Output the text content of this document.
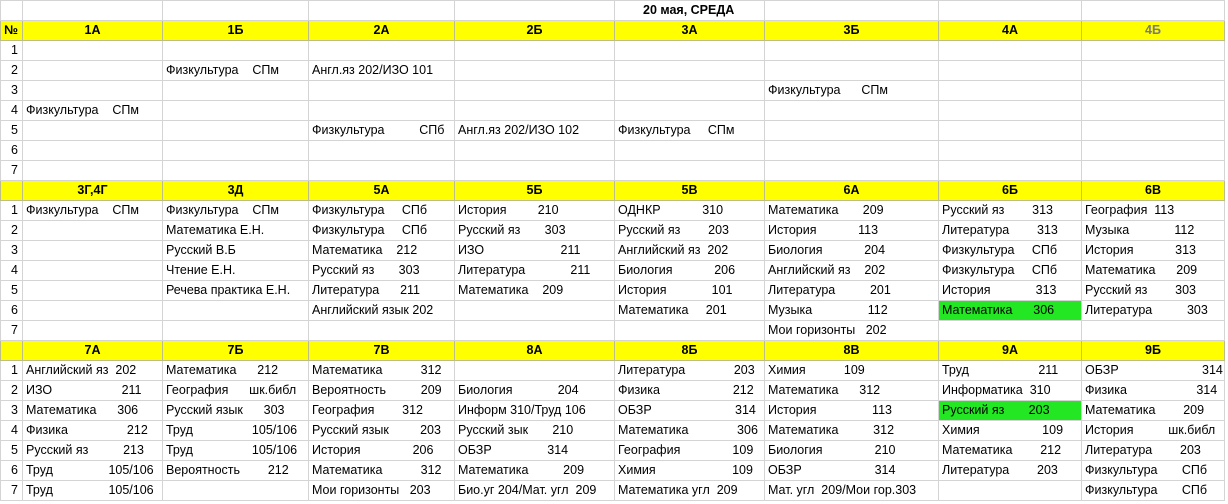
					20 мая, СРЕДА			
№	1А	1Б	2А	2Б	3А	3Б	4А	4Б
1								
2		Физкультура    СПм	Англ.яз 202/ИЗО 101					
3						Физкультура      СПм		
4	Физкультура    СПм							
5			Физкультура          СПб	Англ.яз 202/ИЗО 102	Физкультура     СПм			
6								
7								
	3Г,4Г	3Д	5А	5Б	5В	6А	6Б	6В
1	Физкультура    СПм	Физкультура    СПм	Физкультура     СПб	История         210	ОДНКР            310	Математика       209	Русский яз        313	География  113
2		Математика Е.Н.	Физкультура     СПб	Русский яз       303	Русский яз        203	История            113	Литература        313	Музыка             112
3		Русский В.Б	Математика    212	ИЗО                      211	Английский яз  202	Биология            204	Физкультура     СПб	История            313
4		Чтение Е.Н.	Русский яз       303	Литература             211	Биология            206	Английский яз    202	Физкультура     СПб	Математика      209
5		Речева практика Е.Н.	Литература      211	Математика    209	История             101	Литература          201	История             313	Русский яз        303
6			Английский язык 202		Математика     201	Музыка                112	Математика      306	Литература          303
7						Мои горизонты   202		
	7А	7Б	7В	8А	8Б	8В	9А	9Б
1	Английский яз  202	Математика      212	Математика           312		Литература              203	Химия           109	Труд                    211	ОБЗР                        314
2	ИЗО                    211	География      шк.библ	Вероятность          209	Биология             204	Физика                     212	Математика      312	Информатика  310	Физика                    314
3	Математика      306	Русский язык      303	География        312	Информ 310/Труд 106	ОБЗР                        314	История                113	Русский яз       203	Математика        209
4	Физика                 212	Труд                 105/106	Русский язык         203	Русский зык       210	Математика              306	Математика          312	Химия                  109	История          шк.библ
5	Русский яз          213	Труд                 105/106	История               206	ОБЗР                314	География               109	Биология               210	Математика        212	Литература        203
6	Труд                105/106	Вероятность        212	Математика           312	Математика          209	Химия                      109	ОБЗР                     314	Литература        203	Физкультура       СПб
7	Труд                105/106		Мои горизонты   203	Био.уг 204/Мат. угл  209	Математика угл  209	Мат. угл  209/Мои гор.303		Физкультура       СПб
